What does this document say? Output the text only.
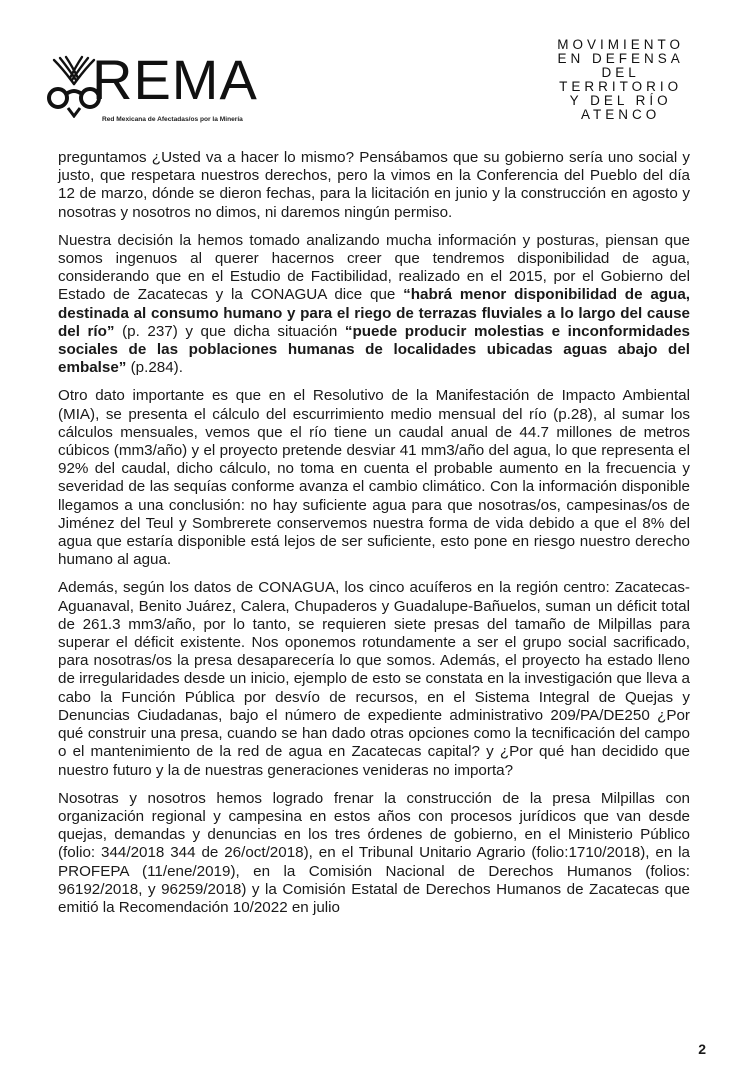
REMA
Red Mexicana de Afectadas/os por la Minería
MOVIMIENTO
EN DEFENSA
DEL
TERRITORIO
Y DEL RÍO
ATENCO

preguntamos ¿Usted va a hacer lo mismo? Pensábamos que su gobierno sería uno social y justo, que respetara nuestros derechos, pero la vimos en la Conferencia del Pueblo del día 12 de marzo, dónde se dieron fechas, para la licitación en junio y la construcción en agosto y nosotras y nosotros no dimos, ni daremos ningún permiso.

Nuestra decisión la hemos tomado analizando mucha información y posturas, piensan que somos ingenuos al querer hacernos creer que tendremos disponibilidad de agua, considerando que en el Estudio de Factibilidad, realizado en el 2015, por el Gobierno del Estado de Zacatecas y la CONAGUA dice que “habrá menor disponibilidad de agua, destinada al consumo humano y para el riego de terrazas fluviales a lo largo del cause del río” (p. 237) y que dicha situación “puede producir molestias e inconformidades sociales de las poblaciones humanas de localidades ubicadas aguas abajo del embalse” (p.284).

Otro dato importante es que en el Resolutivo de la Manifestación de Impacto Ambiental (MIA), se presenta el cálculo del escurrimiento medio mensual del río (p.28), al sumar los cálculos mensuales, vemos que el río tiene un caudal anual de 44.7 millones de metros cúbicos (mm3/año) y el proyecto pretende desviar 41 mm3/año del agua, lo que representa el 92% del caudal, dicho cálculo, no toma en cuenta el probable aumento en la frecuencia y severidad de las sequías conforme avanza el cambio climático. Con la información disponible llegamos a una conclusión: no hay suficiente agua para que nosotras/os, campesinas/os de Jiménez del Teul y Sombrerete conservemos nuestra forma de vida debido a que el 8% del agua que estaría disponible está lejos de ser suficiente, esto pone en riesgo nuestro derecho humano al agua.

Además, según los datos de CONAGUA, los cinco acuíferos en la región centro: Zacatecas-Aguanaval, Benito Juárez, Calera, Chupaderos y Guadalupe-Bañuelos, suman un déficit total de 261.3 mm3/año, por lo tanto, se requieren siete presas del tamaño de Milpillas para superar el déficit existente. Nos oponemos rotundamente a ser el grupo social sacrificado, para nosotras/os la presa desaparecería lo que somos. Además, el proyecto ha estado lleno de irregularidades desde un inicio, ejemplo de esto se constata en la investigación que lleva a cabo la Función Pública por desvío de recursos, en el Sistema Integral de Quejas y Denuncias Ciudadanas, bajo el número de expediente administrativo 209/PA/DE250 ¿Por qué construir una presa, cuando se han dado otras opciones como la tecnificación del campo o el mantenimiento de la red de agua en Zacatecas capital? y ¿Por qué han decidido que nuestro futuro y la de nuestras generaciones venideras no importa?

Nosotras y nosotros hemos logrado frenar la construcción de la presa Milpillas con organización regional y campesina en estos años con procesos jurídicos que van desde quejas, demandas y denuncias en los tres órdenes de gobierno, en el Ministerio Público (folio: 344/2018 344 de 26/oct/2018), en el Tribunal Unitario Agrario (folio:1710/2018), en la PROFEPA (11/ene/2019), en la Comisión Nacional de Derechos Humanos (folios: 96192/2018, y 96259/2018) y la Comisión Estatal de Derechos Humanos de Zacatecas que emitió la Recomendación 10/2022 en julio

2
